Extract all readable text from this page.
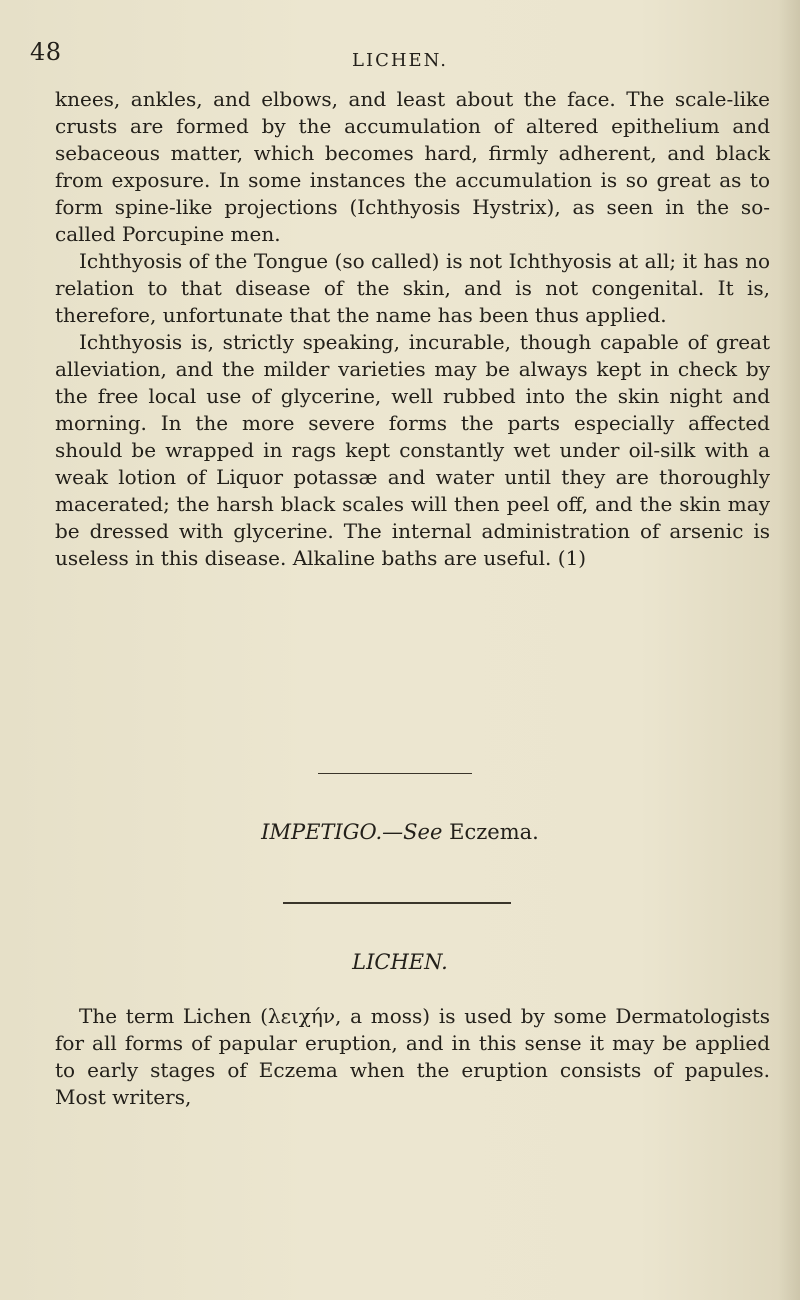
48	LICHEN.

knees, ankles, and elbows, and least about the face. The scale-like crusts are formed by the accumulation of altered epithelium and sebaceous matter, which becomes hard, firmly adherent, and black from exposure. In some instances the accumulation is so great as to form spine-like projections (Ichthyosis Hystrix), as seen in the so-called Porcupine men.

Ichthyosis of the Tongue (so called) is not Ichthyosis at all; it has no relation to that disease of the skin, and is not congenital. It is, therefore, unfortunate that the name has been thus applied.

Ichthyosis is, strictly speaking, incurable, though capable of great alleviation, and the milder varieties may be always kept in check by the free local use of glycerine, well rubbed into the skin night and morning. In the more severe forms the parts especially affected should be wrapped in rags kept constantly wet under oil-silk with a weak lotion of Liquor potassæ and water until they are thoroughly macerated; the harsh black scales will then peel off, and the skin may be dressed with glycerine. The internal administration of arsenic is useless in this disease. Alkaline baths are useful. (1)

IMPETIGO.—See Eczema.
LICHEN.

The term Lichen (λειχήν, a moss) is used by some Dermatologists for all forms of papular eruption, and in this sense it may be applied to early stages of Eczema when the eruption consists of papules. Most writers,
